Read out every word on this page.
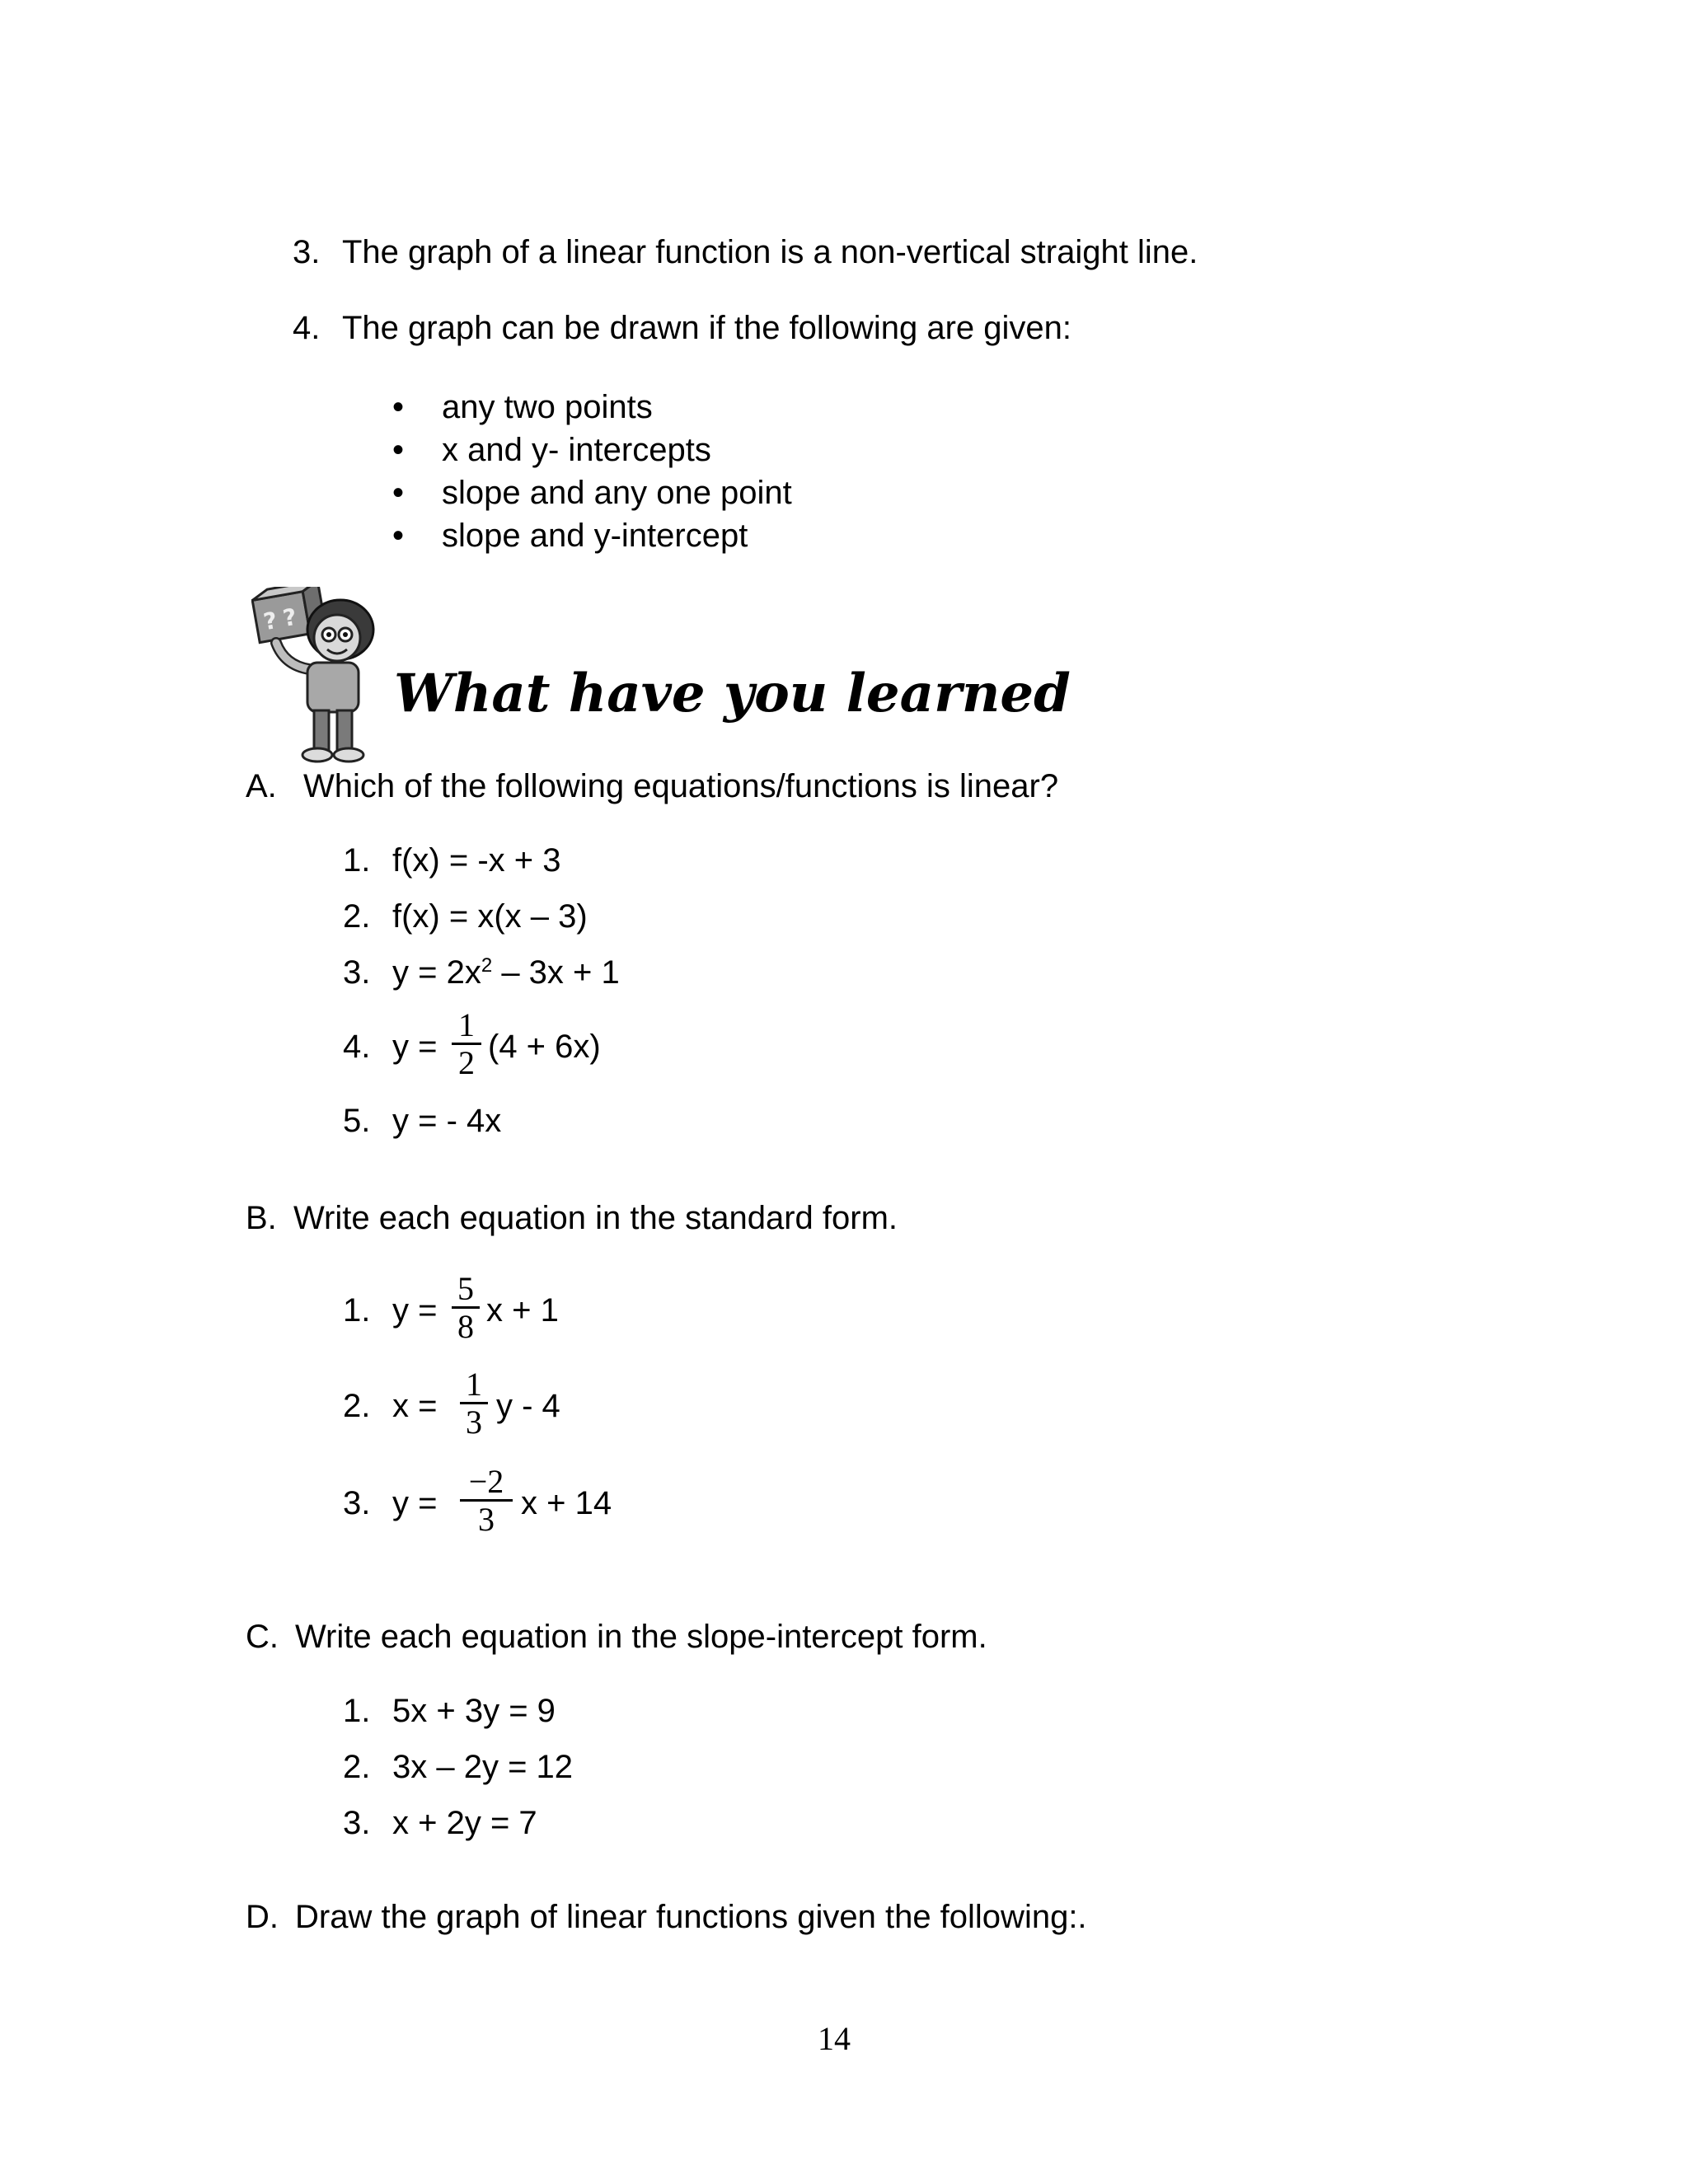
3. The graph of a linear function is a non-vertical straight line.
4. The graph can be drawn if the following are given:
• any two points
• x and y- intercepts
• slope and any one point
• slope and y-intercept
? ?
What have you learned
A. Which of the following equations/functions is linear?
1. f(x) = -x + 3
2. f(x) = x(x – 3)
3. $y = 2x^2 - 3x + 1$
4. y =
1
2 (4 + 6x)
5. y = - 4x
B. Write each equation in the standard form.
1. y =
5
8 x + 1
2. x =
1
3 y - 4
3. y =
−2
3 x + 14
C. Write each equation in the slope-intercept form.
1. 5x + 3y = 9
2. 3x – 2y = 12
3. x + 2y = 7
D. Draw the graph of linear functions given the following:.
14
